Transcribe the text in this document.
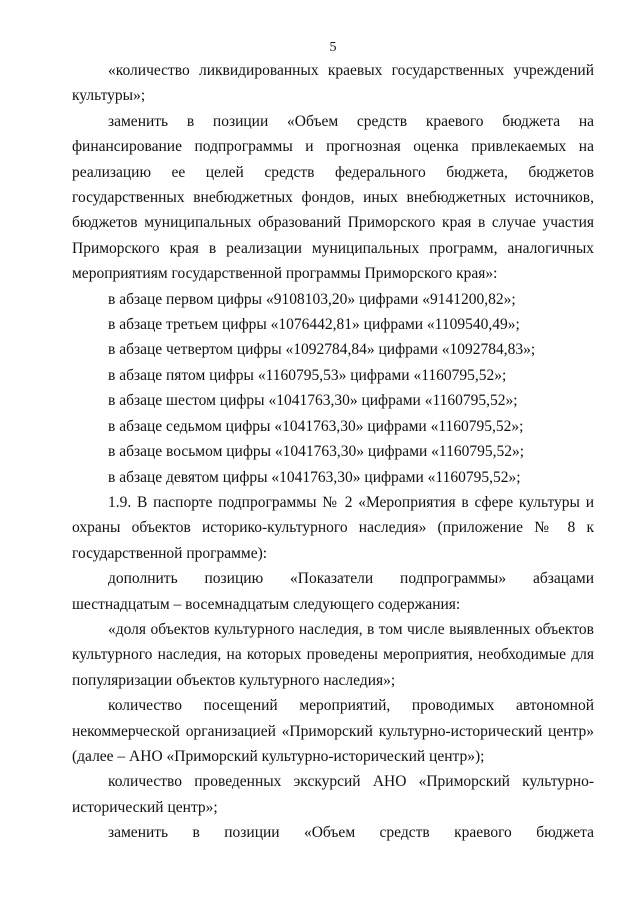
5

«количество ликвидированных краевых государственных учреждений культуры»;

заменить в позиции «Объем средств краевого бюджета на финансирование подпрограммы и прогнозная оценка привлекаемых на реализацию ее целей средств федерального бюджета, бюджетов государственных внебюджетных фондов, иных внебюджетных источников, бюджетов муниципальных образований Приморского края в случае участия Приморского края в реализации муниципальных программ, аналогичных мероприятиям государственной программы Приморского края»:

в абзаце первом цифры «9108103,20» цифрами «9141200,82»;

в абзаце третьем цифры «1076442,81» цифрами «1109540,49»;

в абзаце четвертом цифры «1092784,84» цифрами «1092784,83»;

в абзаце пятом цифры «1160795,53» цифрами «1160795,52»;

в абзаце шестом цифры «1041763,30» цифрами «1160795,52»;

в абзаце седьмом цифры «1041763,30» цифрами «1160795,52»;

в абзаце восьмом цифры «1041763,30» цифрами «1160795,52»;

в абзаце девятом цифры «1041763,30» цифрами «1160795,52»;

1.9. В паспорте подпрограммы № 2 «Мероприятия в сфере культуры и охраны объектов историко-культурного наследия» (приложение № 8 к государственной программе):

дополнить позицию «Показатели подпрограммы» абзацами шестнадцатым – восемнадцатым следующего содержания:

«доля объектов культурного наследия, в том числе выявленных объектов культурного наследия, на которых проведены мероприятия, необходимые для популяризации объектов культурного наследия»;

количество посещений мероприятий, проводимых автономной некоммерческой организацией «Приморский культурно-исторический центр» (далее – АНО «Приморский культурно-исторический центр»);

количество проведенных экскурсий АНО «Приморский культурно-исторический центр»;

заменить в позиции «Объем средств краевого бюджета
